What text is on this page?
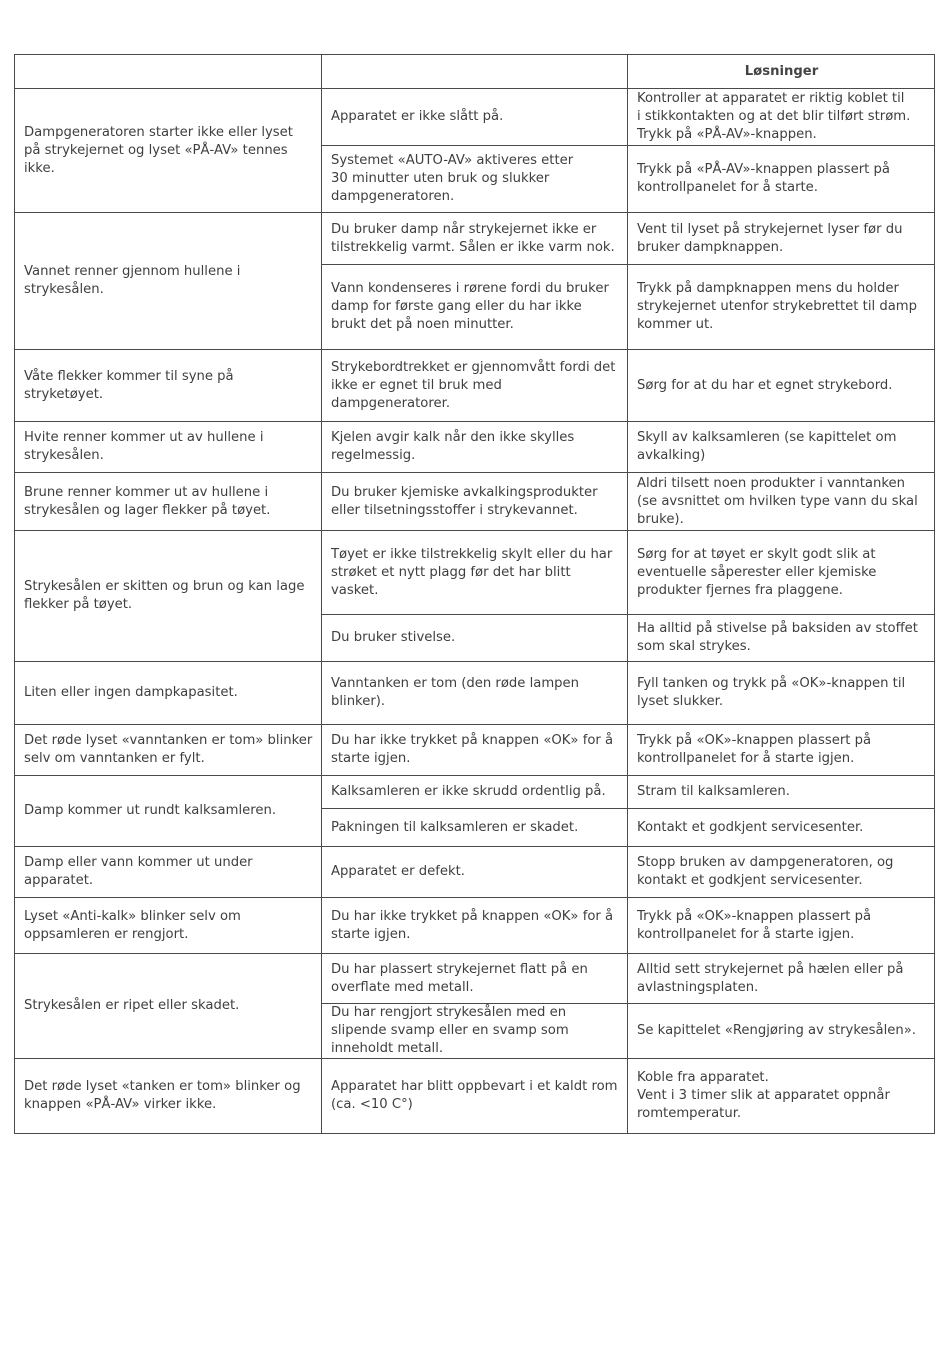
		Løsninger
Dampgeneratoren starter ikke eller lyset på strykejernet og lyset «PÅ-AV» tennes ikke.	Apparatet er ikke slått på.	Kontroller at apparatet er riktig koblet til
i stikkontakten og at det blir tilført strøm.
Trykk på «PÅ-AV»-knappen.
	Systemet «AUTO-AV» aktiveres etter
30 minutter uten bruk og slukker dampgeneratoren.	Trykk på «PÅ-AV»-knappen plassert på kontrollpanelet for å starte.
Vannet renner gjennom hullene i strykesålen.	Du bruker damp når strykejernet ikke er tilstrekkelig varmt. Sålen er ikke varm nok.	Vent til lyset på strykejernet lyser før du bruker dampknappen.
	Vann kondenseres i rørene fordi du bruker damp for første gang eller du har ikke brukt det på noen minutter.	Trykk på dampknappen mens du holder strykejernet utenfor strykebrettet til damp kommer ut.
Våte flekker kommer til syne på stryketøyet.	Strykebordtrekket er gjennomvått fordi det ikke er egnet til bruk med dampgeneratorer.	Sørg for at du har et egnet strykebord.
Hvite renner kommer ut av hullene i strykesålen.	Kjelen avgir kalk når den ikke skylles regelmessig.	Skyll av kalksamleren (se kapittelet om avkalking)
Brune renner kommer ut av hullene i strykesålen og lager flekker på tøyet.	Du bruker kjemiske avkalkingsprodukter eller tilsetningsstoffer i strykevannet.	Aldri tilsett noen produkter i vanntanken (se avsnittet om hvilken type vann du skal bruke).
Strykesålen er skitten og brun og kan lage flekker på tøyet.	Tøyet er ikke tilstrekkelig skylt eller du har strøket et nytt plagg før det har blitt vasket.	Sørg for at tøyet er skylt godt slik at eventuelle såperester eller kjemiske produkter fjernes fra plaggene.
	Du bruker stivelse.	Ha alltid på stivelse på baksiden av stoffet som skal strykes.
Liten eller ingen dampkapasitet.	Vanntanken er tom (den røde lampen blinker).	Fyll tanken og trykk på «OK»-knappen til lyset slukker.
Det røde lyset «vanntanken er tom» blinker selv om vanntanken er fylt.	Du har ikke trykket på knappen «OK» for å starte igjen.	Trykk på «OK»-knappen plassert på kontrollpanelet for å starte igjen.
Damp kommer ut rundt kalksamleren.	Kalksamleren er ikke skrudd ordentlig på.	Stram til kalksamleren.
	Pakningen til kalksamleren er skadet.	Kontakt et godkjent servicesenter.
Damp eller vann kommer ut under apparatet.	Apparatet er defekt.	Stopp bruken av dampgeneratoren, og kontakt et godkjent servicesenter.
Lyset «Anti-kalk» blinker selv om oppsamleren er rengjort.	Du har ikke trykket på knappen «OK» for å starte igjen.	Trykk på «OK»-knappen plassert på kontrollpanelet for å starte igjen.
Strykesålen er ripet eller skadet.	Du har plassert strykejernet flatt på en overflate med metall.	Alltid sett strykejernet på hælen eller på avlastningsplaten.
	Du har rengjort strykesålen med en slipende svamp eller en svamp som inneholdt metall.	Se kapittelet «Rengjøring av strykesålen».
Det røde lyset «tanken er tom» blinker og knappen «PÅ-AV» virker ikke.	Apparatet har blitt oppbevart i et kaldt rom (ca. <10 C°)	Koble fra apparatet.
Vent i 3 timer slik at apparatet oppnår romtemperatur.
